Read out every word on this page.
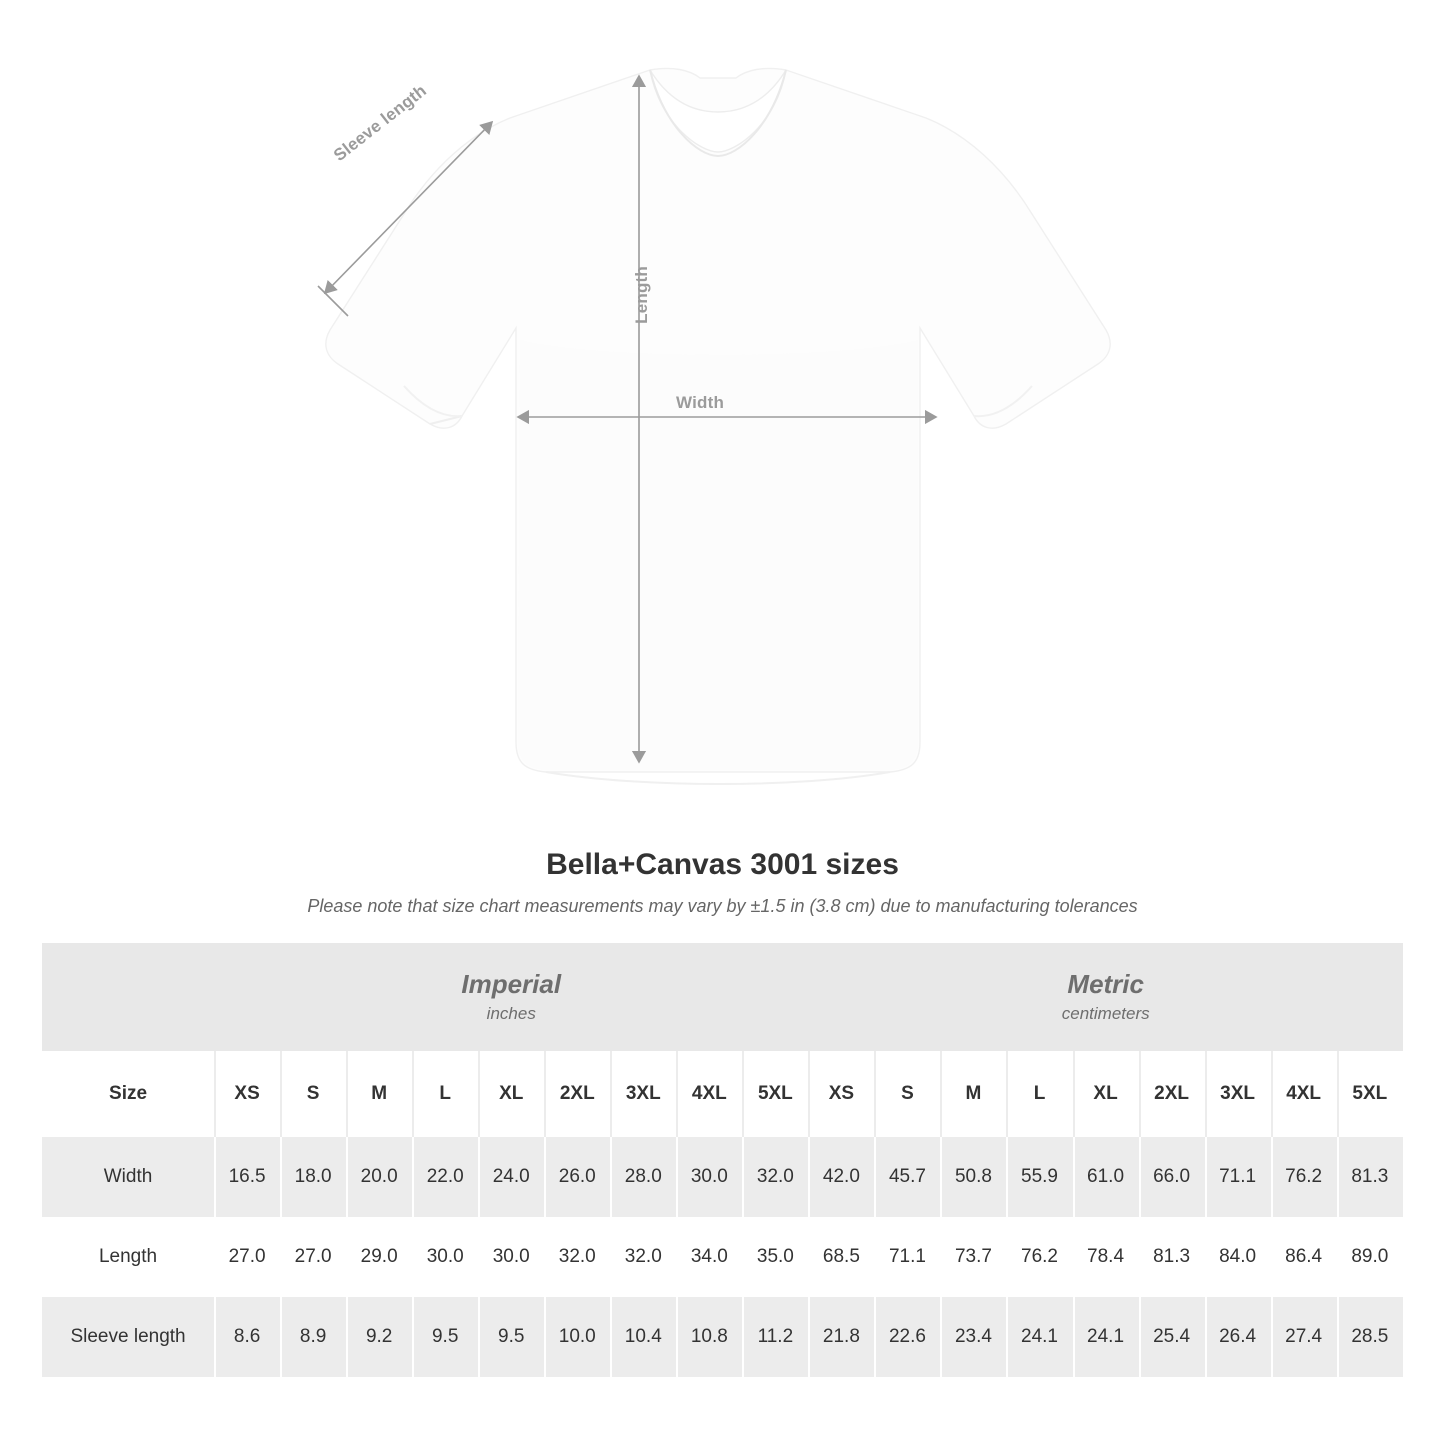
Length
Width
Sleeve length
Bella+Canvas 3001 sizes

Please note that size chart measurements may vary by ±1.5 in (3.8 cm) due to manufacturing tolerances

Imperial
inches

Metric
centimeters

Size	XS	S	M	L	XL	2XL	3XL	4XL	5XL	XS	S	M	L	XL	2XL	3XL	4XL	5XL
Width	16.5	18.0	20.0	22.0	24.0	26.0	28.0	30.0	32.0	42.0	45.7	50.8	55.9	61.0	66.0	71.1	76.2	81.3
Length	27.0	27.0	29.0	30.0	30.0	32.0	32.0	34.0	35.0	68.5	71.1	73.7	76.2	78.4	81.3	84.0	86.4	89.0
Sleeve length	8.6	8.9	9.2	9.5	9.5	10.0	10.4	10.8	11.2	21.8	22.6	23.4	24.1	24.1	25.4	26.4	27.4	28.5
